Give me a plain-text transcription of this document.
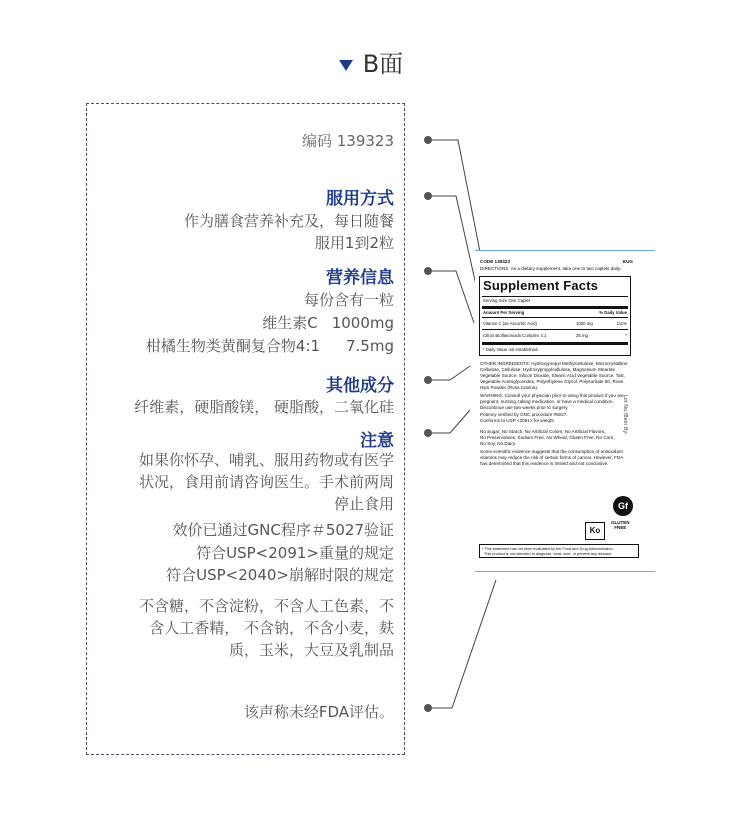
B面
编码 139323
服用方式
作为膳食营养补充及，每日随餐
服用1到2粒
营养信息
每份含有一粒
维生素C 1000mg
柑橘生物类黄酮复合物4:1 7.5mg
其他成分
纤维素，硬脂酸镁， 硬脂酸，二氧化硅
注意
如果你怀孕、哺乳、服用药物或有医学
状况，食用前请咨询医生。手术前两周
停止食用
效价已通过GNC程序＃5027验证
符合USP<2091>重量的规定
符合USP<2040>崩解时限的规定
不含糖，不含淀粉，不含人工色素，不
含人工香精， 不含钠，不含小麦，麸
质，玉米，大豆及乳制品
该声称未经FDA评估。
CODE 139323	EUG
DIRECTIONS: As a dietary supplement, take one to two caplets daily.
Supplement Facts
Serving Size One Caplet
Amount Per Serving	% Daily Value
Vitamin C (as Ascorbic Acid)	1000 mg	111%
Citrus Bioflavonoids Complex 4:1	25 mg	*
* Daily Value not established.
OTHER INGREDIENTS: Hydroxypropyl Methylcellulose, Microcrystalline
Cellulose, Cellulose, Hydroxypropylcellulose, Magnesium Stearate
Vegetable Source, Silicon Dioxide, Stearic Acid Vegetable Source, Talc,
Vegetable Acetoglycerides, Polyethylene Glycol, Polysorbate 80, Rose
Hips Powder (Rosa Canina).
WARNING: Consult your physician prior to using this product if you are
pregnant, nursing, taking medication, or have a medical condition.
Discontinue use two weeks prior to surgery.
Potency verified by GNC procedure #5027.
Conforms to USP <2091> for weight.
No Sugar, No Starch, No Artificial Colors, No Artificial Flavors,
No Preservatives, Sodium Free, No Wheat, Gluten Free, No Corn,
No Soy, No Dairy.
Some scientific evidence suggests that the consumption of antioxidant
vitamins may reduce the risk of certain forms of cancer. However, FDA
has determined that this evidence is limited and not conclusive.
Gf
Ko
GLUTEN
FREE
* This statement has not been evaluated by the Food and Drug Administration.
This product is not intended to diagnose, treat, cure, or prevent any disease.
Lot No./Best By:
